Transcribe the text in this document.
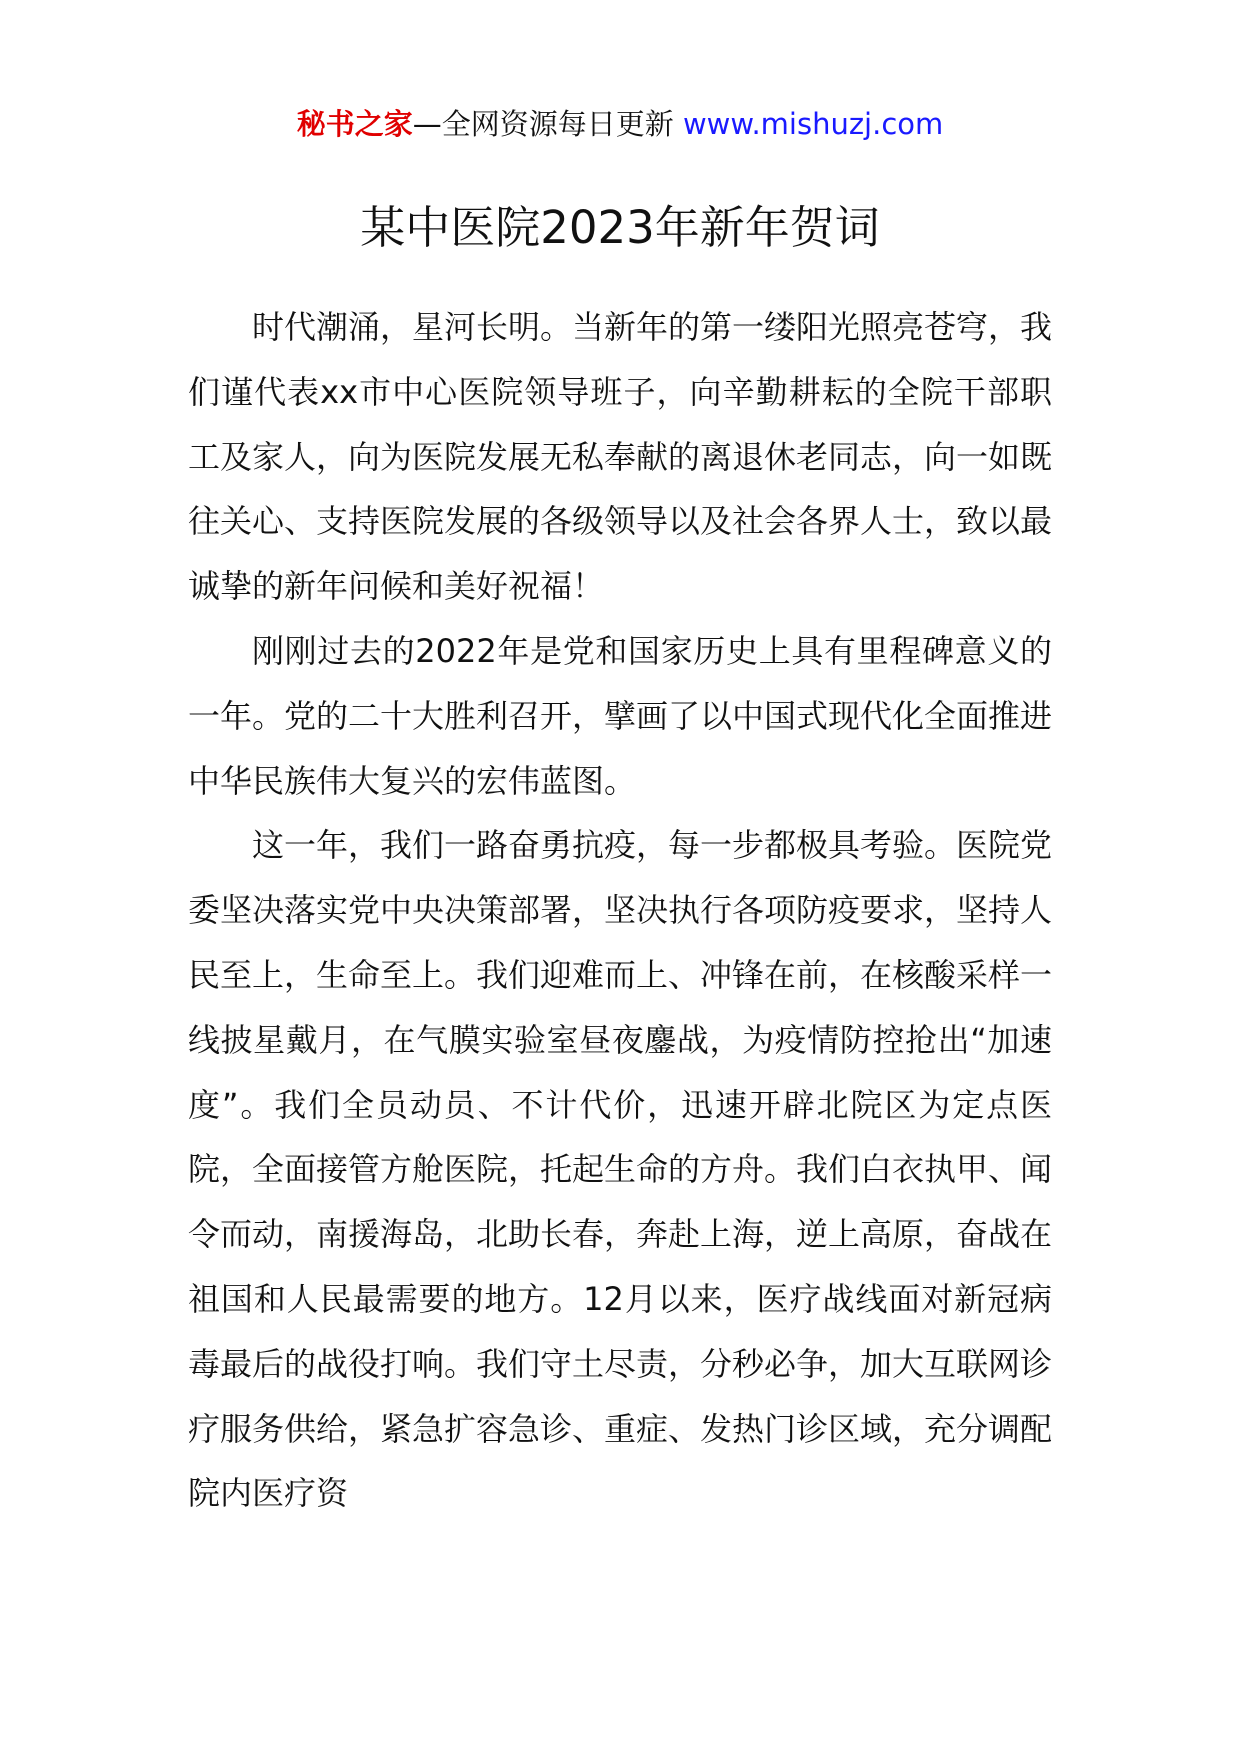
秘书之家—全网资源每日更新 www.mishuzj.com
某中医院2023年新年贺词

时代潮涌，星河长明。当新年的第一缕阳光照亮苍穹，我们谨代表xx市中心医院领导班子，向辛勤耕耘的全院干部职工及家人，向为医院发展无私奉献的离退休老同志，向一如既往关心、支持医院发展的各级领导以及社会各界人士，致以最诚挚的新年问候和美好祝福！

刚刚过去的2022年是党和国家历史上具有里程碑意义的一年。党的二十大胜利召开，擘画了以中国式现代化全面推进中华民族伟大复兴的宏伟蓝图。

这一年，我们一路奋勇抗疫，每一步都极具考验。医院党委坚决落实党中央决策部署，坚决执行各项防疫要求，坚持人民至上，生命至上。我们迎难而上、冲锋在前，在核酸采样一线披星戴月，在气膜实验室昼夜鏖战，为疫情防控抢出“加速度”。我们全员动员、不计代价，迅速开辟北院区为定点医院，全面接管方舱医院，托起生命的方舟。我们白衣执甲、闻令而动，南援海岛，北助长春，奔赴上海，逆上高原，奋战在祖国和人民最需要的地方。12月以来，医疗战线面对新冠病毒最后的战役打响。我们守土尽责，分秒必争，加大互联网诊疗服务供给，紧急扩容急诊、重症、发热门诊区域，充分调配院内医疗资
